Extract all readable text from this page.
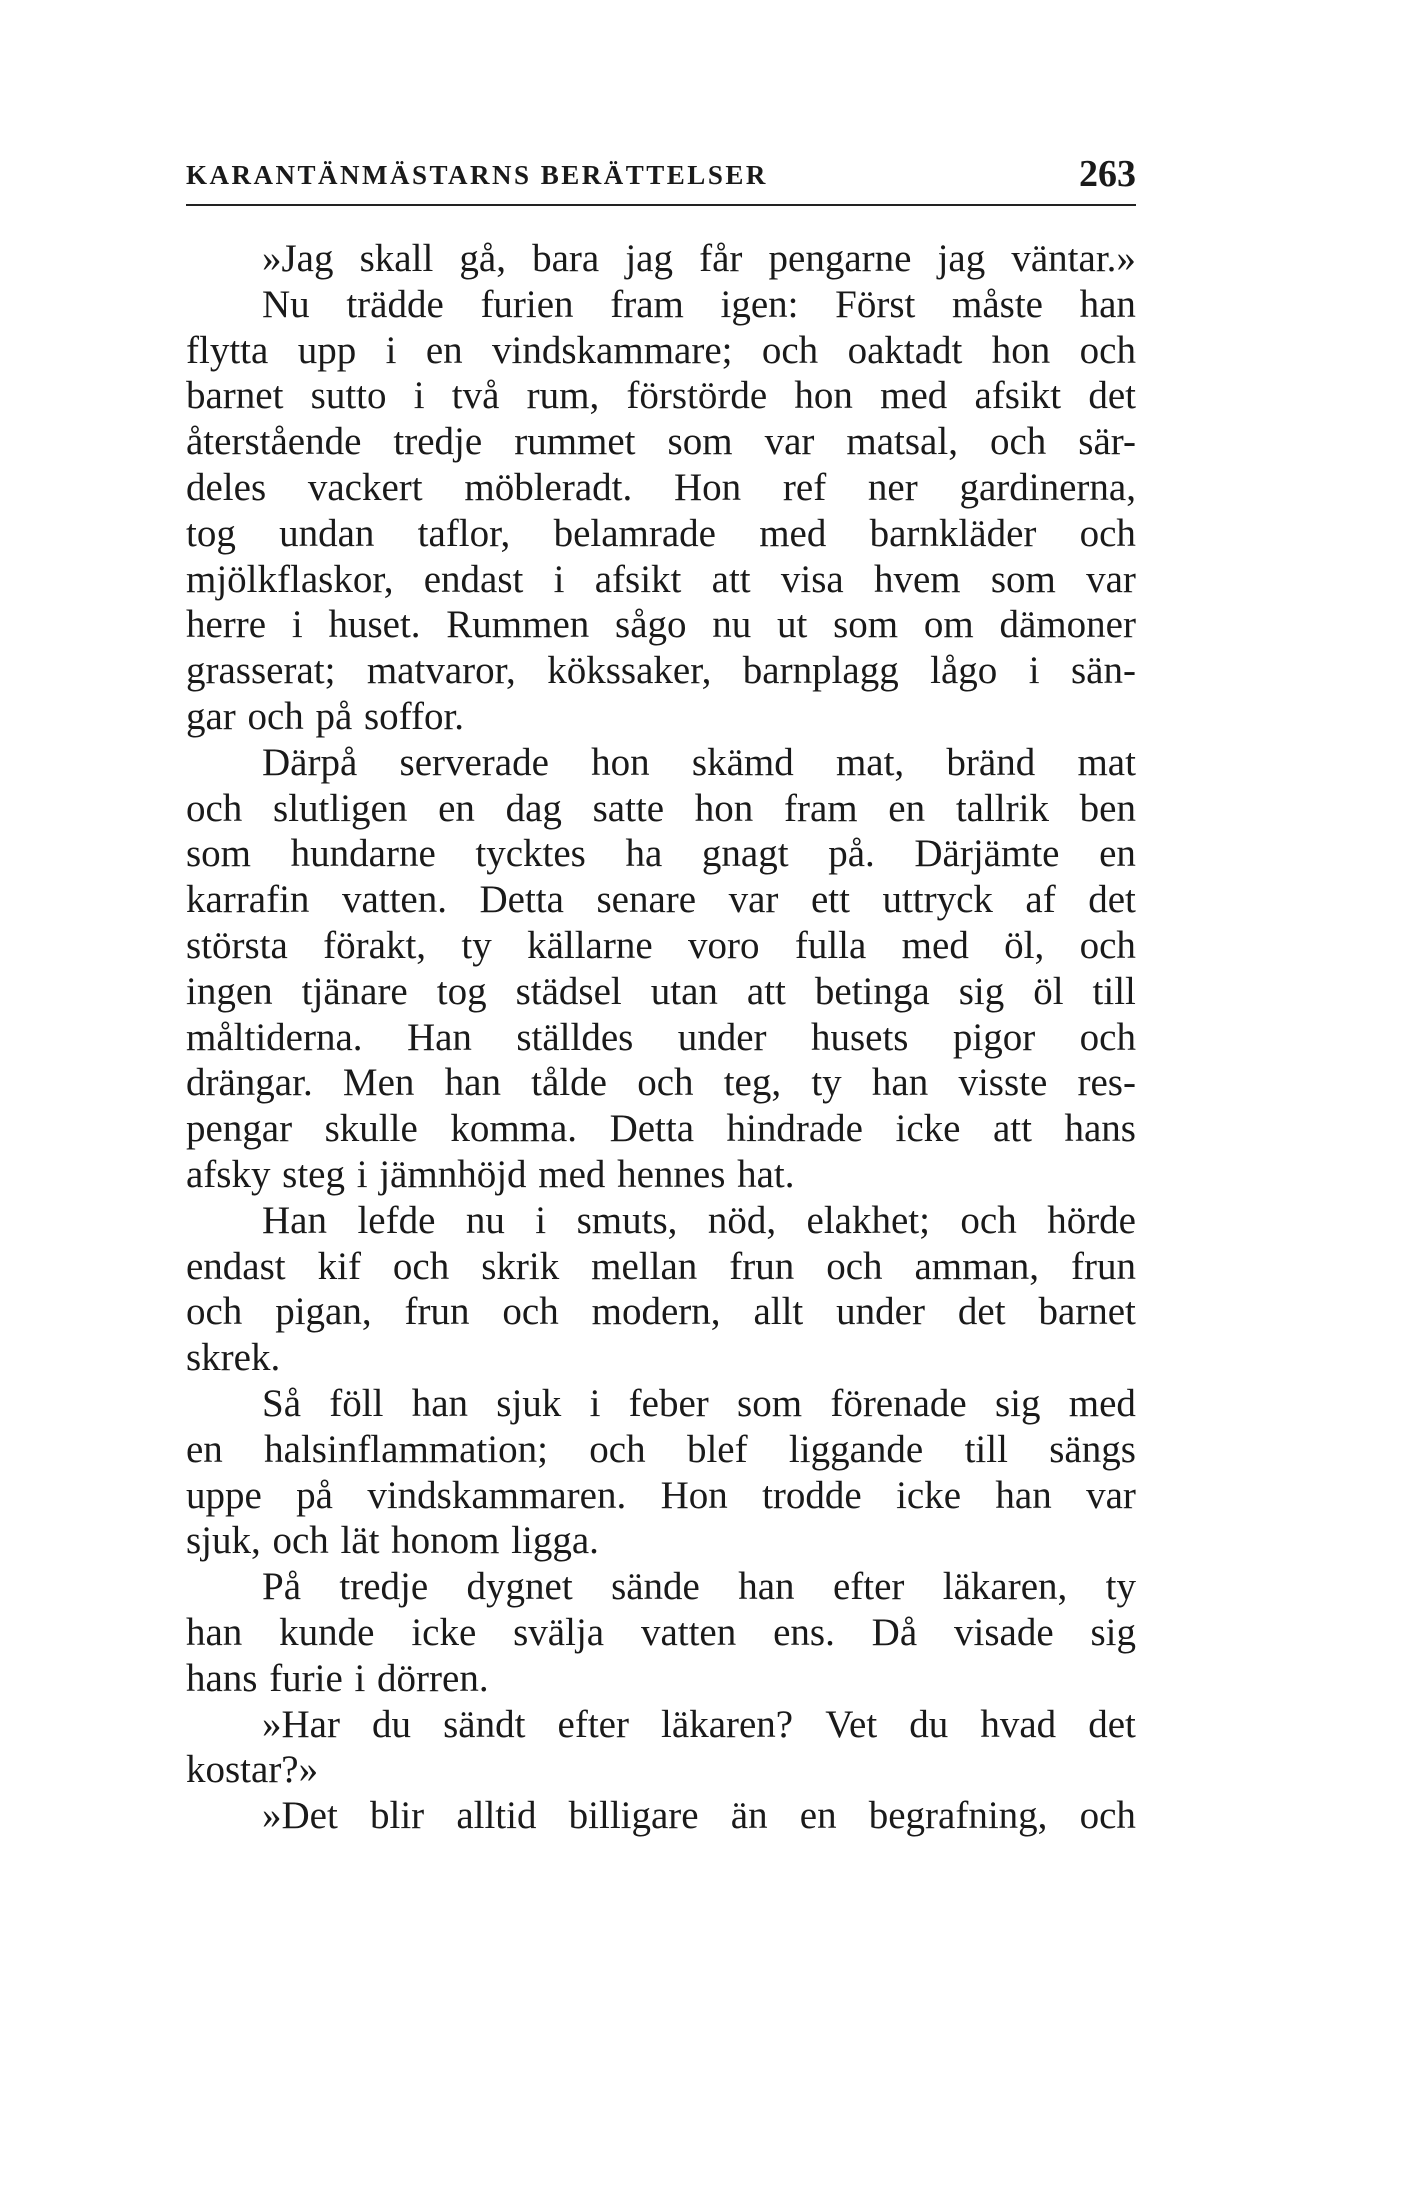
KARANTÄNMÄSTARNS BERÄTTELSER	263
»Jag skall gå, bara jag får pengarne jag väntar.»
Nu trädde furien fram igen: Först måste han
flytta upp i en vindskammare; och oaktadt hon och
barnet sutto i två rum, förstörde hon med afsikt det
återstående tredje rummet som var matsal, och sär-
deles vackert möbleradt. Hon ref ner gardinerna,
tog undan taflor, belamrade med barnkläder och
mjölkflaskor, endast i afsikt att visa hvem som var
herre i huset. Rummen sågo nu ut som om dämoner
grasserat; matvaror, kökssaker, barnplagg lågo i sän-
gar och på soffor.
Därpå serverade hon skämd mat, bränd mat
och slutligen en dag satte hon fram en tallrik ben
som hundarne tycktes ha gnagt på. Därjämte en
karrafin vatten. Detta senare var ett uttryck af det
största förakt, ty källarne voro fulla med öl, och
ingen tjänare tog städsel utan att betinga sig öl till
måltiderna. Han ställdes under husets pigor och
drängar. Men han tålde och teg, ty han visste res-
pengar skulle komma. Detta hindrade icke att hans
afsky steg i jämnhöjd med hennes hat.
Han lefde nu i smuts, nöd, elakhet; och hörde
endast kif och skrik mellan frun och amman, frun
och pigan, frun och modern, allt under det barnet
skrek.
Så föll han sjuk i feber som förenade sig med
en halsinflammation; och blef liggande till sängs
uppe på vindskammaren. Hon trodde icke han var
sjuk, och lät honom ligga.
På tredje dygnet sände han efter läkaren, ty
han kunde icke svälja vatten ens. Då visade sig
hans furie i dörren.
»Har du sändt efter läkaren? Vet du hvad det
kostar?»
»Det blir alltid billigare än en begrafning, och
